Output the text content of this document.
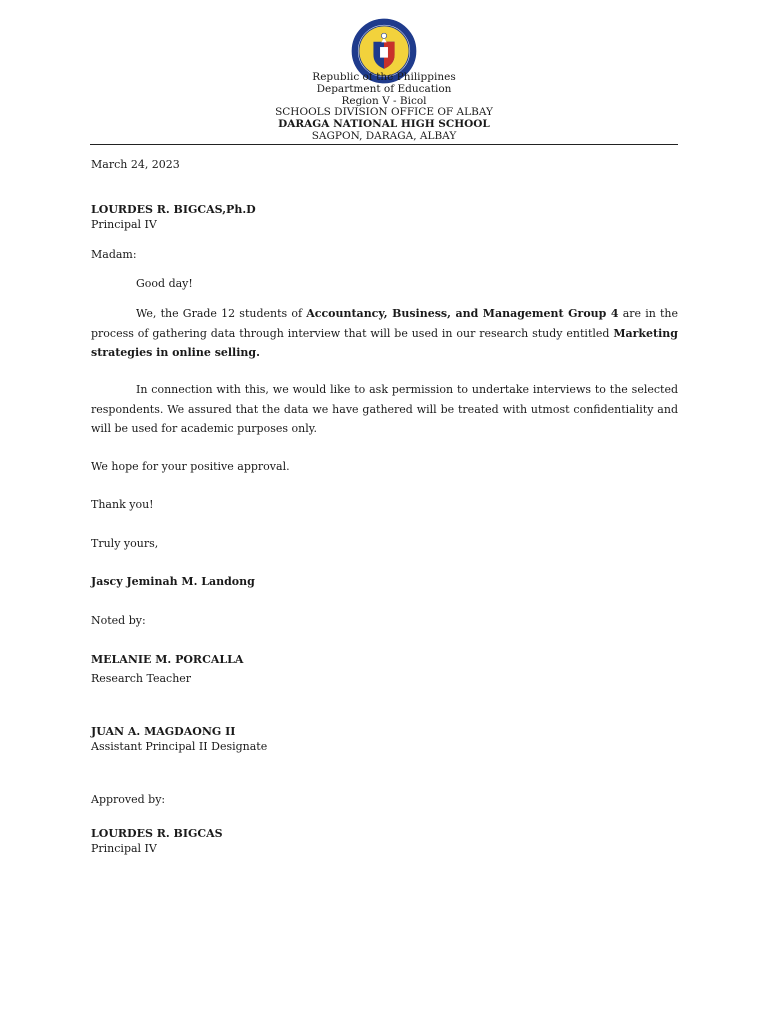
Republic of the Philippines
Department of Education
Region V - Bicol
SCHOOLS DIVISION OFFICE OF ALBAY
DARAGA NATIONAL HIGH SCHOOL
SAGPON, DARAGA, ALBAY
March 24, 2023
LOURDES R. BIGCAS,Ph.D
Principal IV
Madam:
Good day!
We, the Grade 12 students of Accountancy, Business, and Management Group 4 are in the process of gathering data through interview that will be used in our research study entitled Marketing strategies in online selling.
In connection with this, we would like to ask permission to undertake interviews to the selected respondents. We assured that the data we have gathered will be treated with utmost confidentiality and will be used for academic purposes only.
We hope for your positive approval.
Thank you!
Truly yours,
Jascy Jeminah M. Landong
Noted by:
MELANIE M. PORCALLA
Research Teacher
JUAN A. MAGDAONG II
Assistant Principal II Designate
Approved by:
LOURDES R. BIGCAS
Principal IV
